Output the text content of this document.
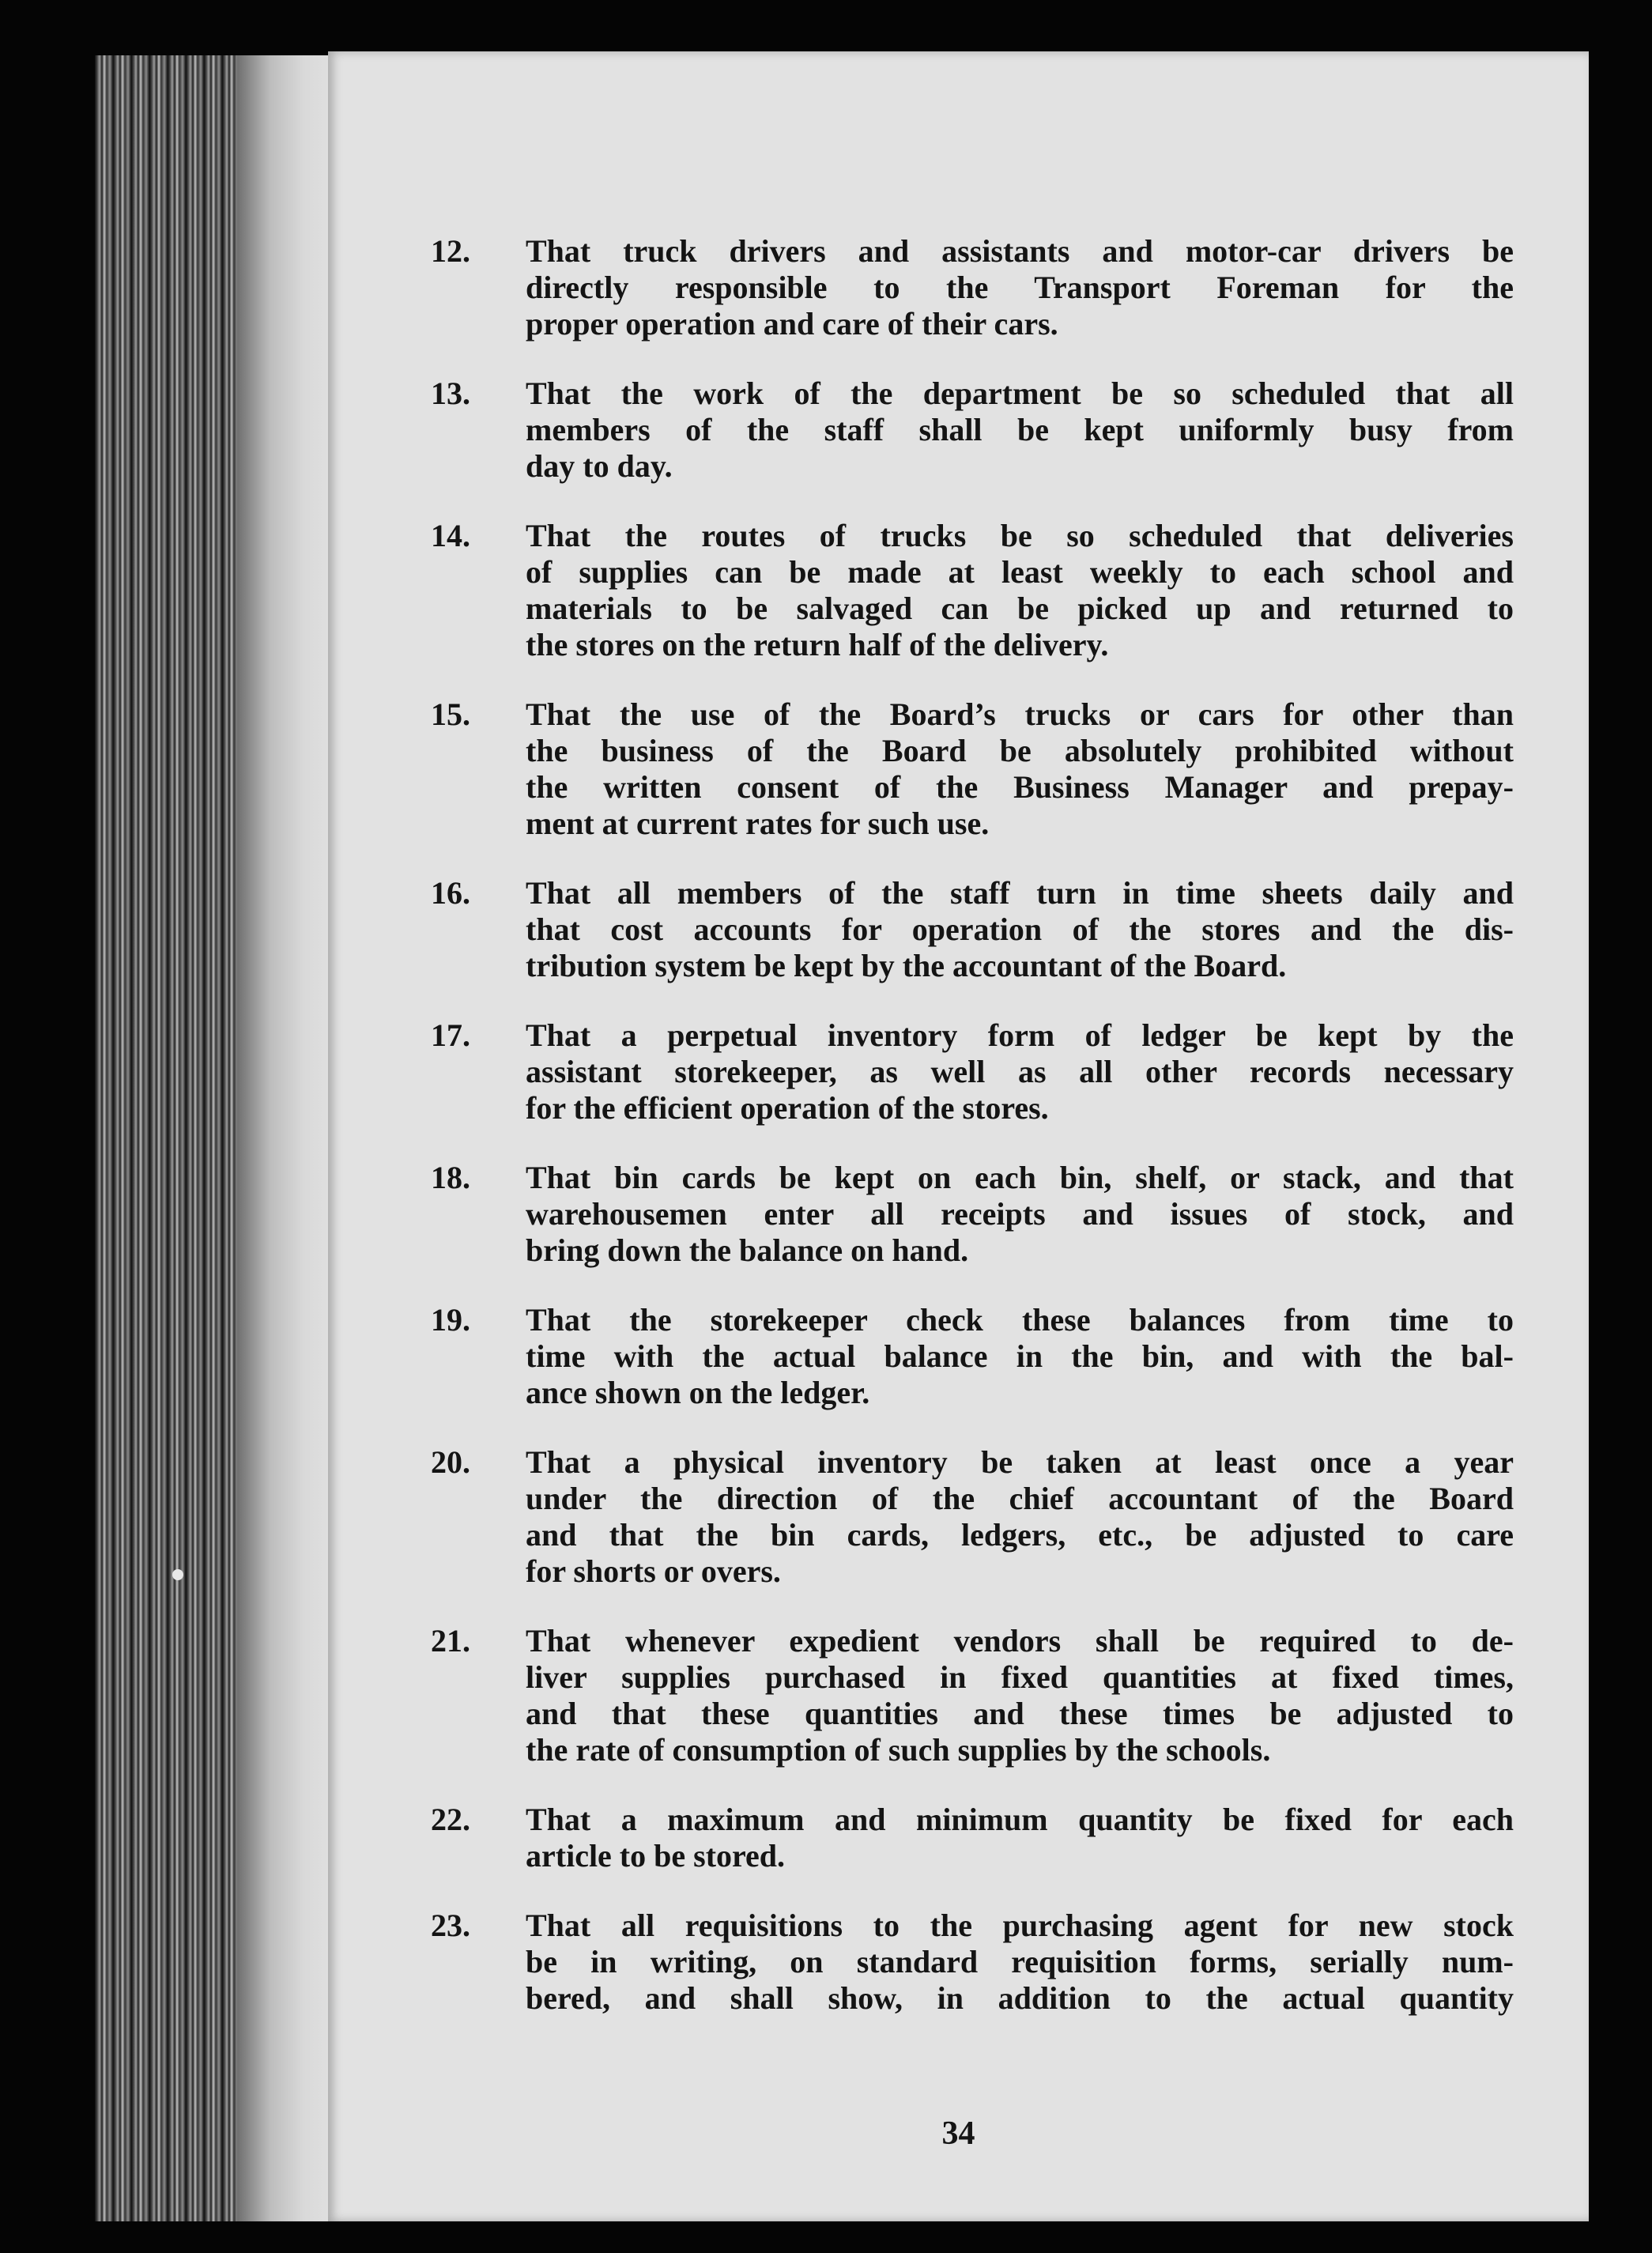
12.	That truck drivers and assistants and motor-car drivers be
directly responsible to the Transport Foreman for the
proper operation and care of their cars.
13.	That the work of the department be so scheduled that all
members of the staff shall be kept uniformly busy from
day to day.
14.	That the routes of trucks be so scheduled that deliveries
of supplies can be made at least weekly to each school and
materials to be salvaged can be picked up and returned to
the stores on the return half of the delivery.
15.	That the use of the Board’s trucks or cars for other than
the business of the Board be absolutely prohibited without
the written consent of the Business Manager and prepay-
ment at current rates for such use.
16.	That all members of the staff turn in time sheets daily and
that cost accounts for operation of the stores and the dis-
tribution system be kept by the accountant of the Board.
17.	That a perpetual inventory form of ledger be kept by the
assistant storekeeper, as well as all other records necessary
for the efficient operation of the stores.
18.	That bin cards be kept on each bin, shelf, or stack, and that
warehousemen enter all receipts and issues of stock, and
bring down the balance on hand.
19.	That the storekeeper check these balances from time to
time with the actual balance in the bin, and with the bal-
ance shown on the ledger.
20.	That a physical inventory be taken at least once a year
under the direction of the chief accountant of the Board
and that the bin cards, ledgers, etc., be adjusted to care
for shorts or overs.
21.	That whenever expedient vendors shall be required to de-
liver supplies purchased in fixed quantities at fixed times,
and that these quantities and these times be adjusted to
the rate of consumption of such supplies by the schools.
22.	That a maximum and minimum quantity be fixed for each
article to be stored.
23.	That all requisitions to the purchasing agent for new stock
be in writing, on standard requisition forms, serially num-
bered, and shall show, in addition to the actual quantity
34
